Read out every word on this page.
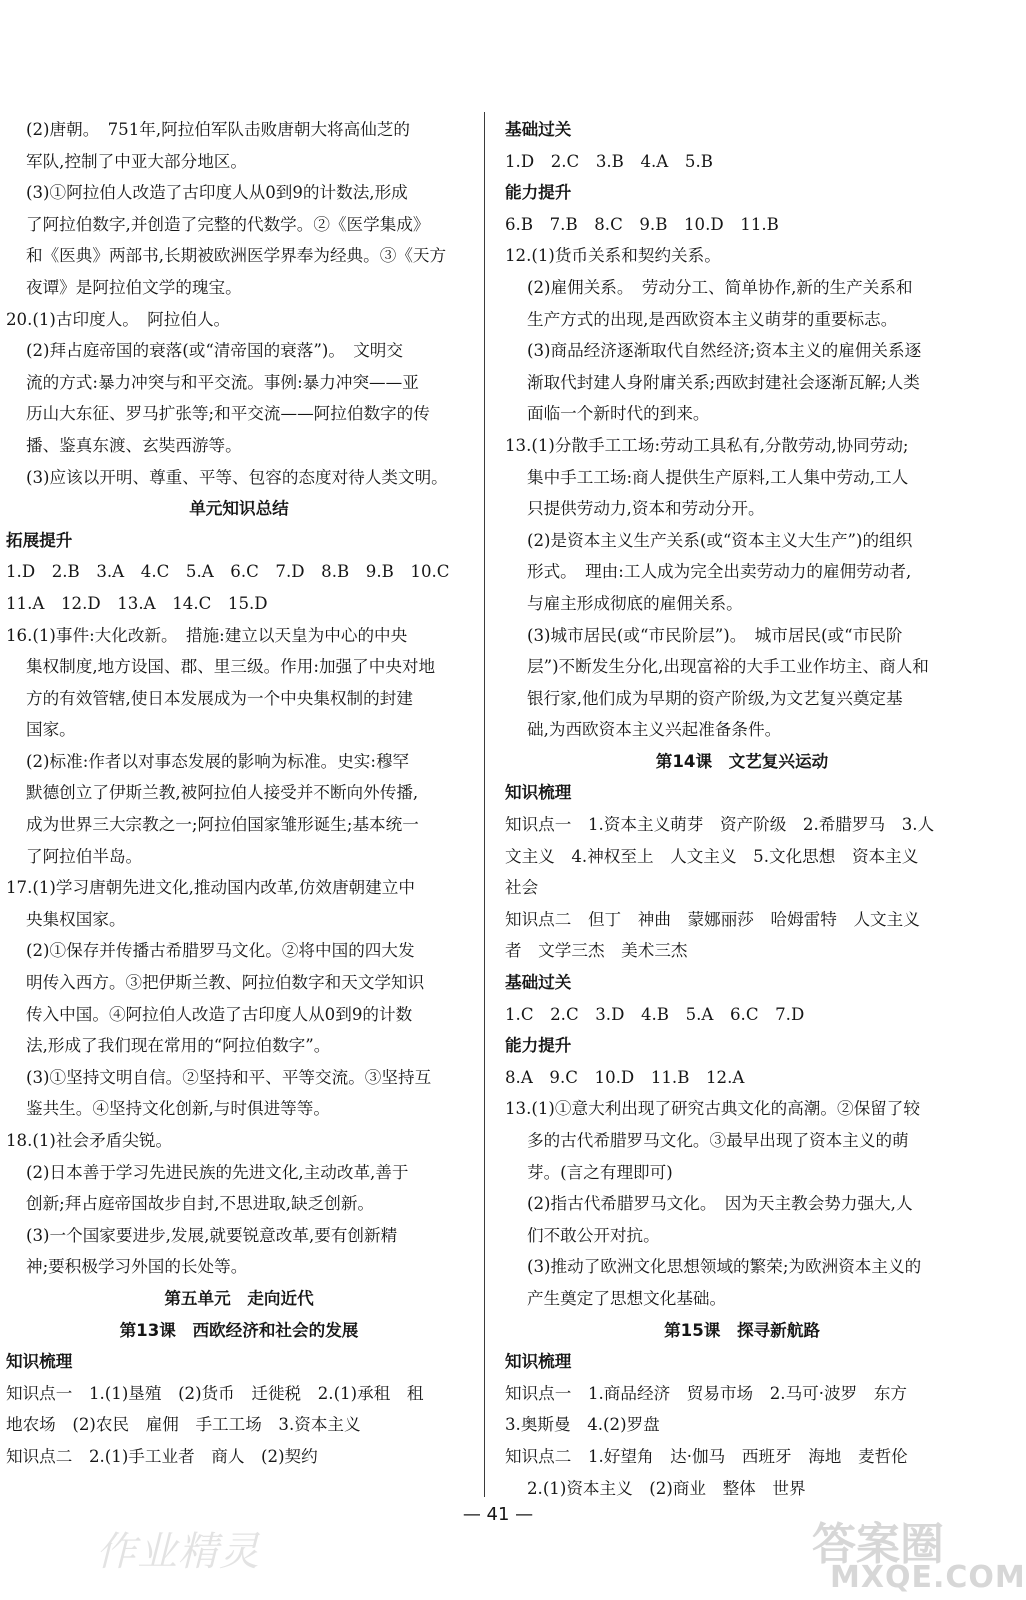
(2)唐朝。　751年,阿拉伯军队击败唐朝大将高仙芝的
军队,控制了中亚大部分地区。
(3)①阿拉伯人改造了古印度人从0到9的计数法,形成
了阿拉伯数字,并创造了完整的代数学。②《医学集成》
和《医典》两部书,长期被欧洲医学界奉为经典。③《天方
夜谭》是阿拉伯文学的瑰宝。
20.(1)古印度人。　阿拉伯人。
(2)拜占庭帝国的衰落(或“清帝国的衰落”)。　文明交
流的方式:暴力冲突与和平交流。事例:暴力冲突——亚
历山大东征、罗马扩张等;和平交流——阿拉伯数字的传
播、鉴真东渡、玄奘西游等。
(3)应该以开明、尊重、平等、包容的态度对待人类文明。
单元知识总结
拓展提升
1.D　2.B　3.A　4.C　5.A　6.C　7.D　8.B　9.B　10.C
11.A　12.D　13.A　14.C　15.D
16.(1)事件:大化改新。　措施:建立以天皇为中心的中央
集权制度,地方设国、郡、里三级。作用:加强了中央对地
方的有效管辖,使日本发展成为一个中央集权制的封建
国家。
(2)标准:作者以对事态发展的影响为标准。史实:穆罕
默德创立了伊斯兰教,被阿拉伯人接受并不断向外传播,
成为世界三大宗教之一;阿拉伯国家雏形诞生;基本统一
了阿拉伯半岛。
17.(1)学习唐朝先进文化,推动国内改革,仿效唐朝建立中
央集权国家。
(2)①保存并传播古希腊罗马文化。②将中国的四大发
明传入西方。③把伊斯兰教、阿拉伯数字和天文学知识
传入中国。④阿拉伯人改造了古印度人从0到9的计数
法,形成了我们现在常用的“阿拉伯数字”。
(3)①坚持文明自信。②坚持和平、平等交流。③坚持互
鉴共生。④坚持文化创新,与时俱进等等。
18.(1)社会矛盾尖锐。
(2)日本善于学习先进民族的先进文化,主动改革,善于
创新;拜占庭帝国故步自封,不思进取,缺乏创新。
(3)一个国家要进步,发展,就要锐意改革,要有创新精
神;要积极学习外国的长处等。
第五单元　走向近代
第13课　西欧经济和社会的发展
知识梳理
知识点一　1.(1)垦殖　(2)货币　迁徙税　2.(1)承租　租
地农场　(2)农民　雇佣　手工工场　3.资本主义
知识点二　2.(1)手工业者　商人　(2)契约
基础过关
1.D　2.C　3.B　4.A　5.B
能力提升
6.B　7.B　8.C　9.B　10.D　11.B
12.(1)货币关系和契约关系。
(2)雇佣关系。　劳动分工、简单协作,新的生产关系和
生产方式的出现,是西欧资本主义萌芽的重要标志。
(3)商品经济逐渐取代自然经济;资本主义的雇佣关系逐
渐取代封建人身附庸关系;西欧封建社会逐渐瓦解;人类
面临一个新时代的到来。
13.(1)分散手工工场:劳动工具私有,分散劳动,协同劳动;
集中手工工场:商人提供生产原料,工人集中劳动,工人
只提供劳动力,资本和劳动分开。
(2)是资本主义生产关系(或“资本主义大生产”)的组织
形式。　理由:工人成为完全出卖劳动力的雇佣劳动者,
与雇主形成彻底的雇佣关系。
(3)城市居民(或“市民阶层”)。　城市居民(或“市民阶
层”)不断发生分化,出现富裕的大手工业作坊主、商人和
银行家,他们成为早期的资产阶级,为文艺复兴奠定基
础,为西欧资本主义兴起准备条件。
第14课　文艺复兴运动
知识梳理
知识点一　1.资本主义萌芽　资产阶级　2.希腊罗马　3.人
文主义　4.神权至上　人文主义　5.文化思想　资本主义
社会
知识点二　但丁　神曲　蒙娜丽莎　哈姆雷特　人文主义
者　文学三杰　美术三杰
基础过关
1.C　2.C　3.D　4.B　5.A　6.C　7.D
能力提升
8.A　9.C　10.D　11.B　12.A
13.(1)①意大利出现了研究古典文化的高潮。②保留了较
多的古代希腊罗马文化。③最早出现了资本主义的萌
芽。(言之有理即可)
(2)指古代希腊罗马文化。　因为天主教会势力强大,人
们不敢公开对抗。
(3)推动了欧洲文化思想领域的繁荣;为欧洲资本主义的
产生奠定了思想文化基础。
第15课　探寻新航路
知识梳理
知识点一　1.商品经济　贸易市场　2.马可·波罗　东方
3.奥斯曼　4.(2)罗盘
知识点二　1.好望角　达·伽马　西班牙　海地　麦哲伦
2.(1)资本主义　(2)商业　整体　世界
— 41 —
作业精灵	答案圈
MXQE.COM
